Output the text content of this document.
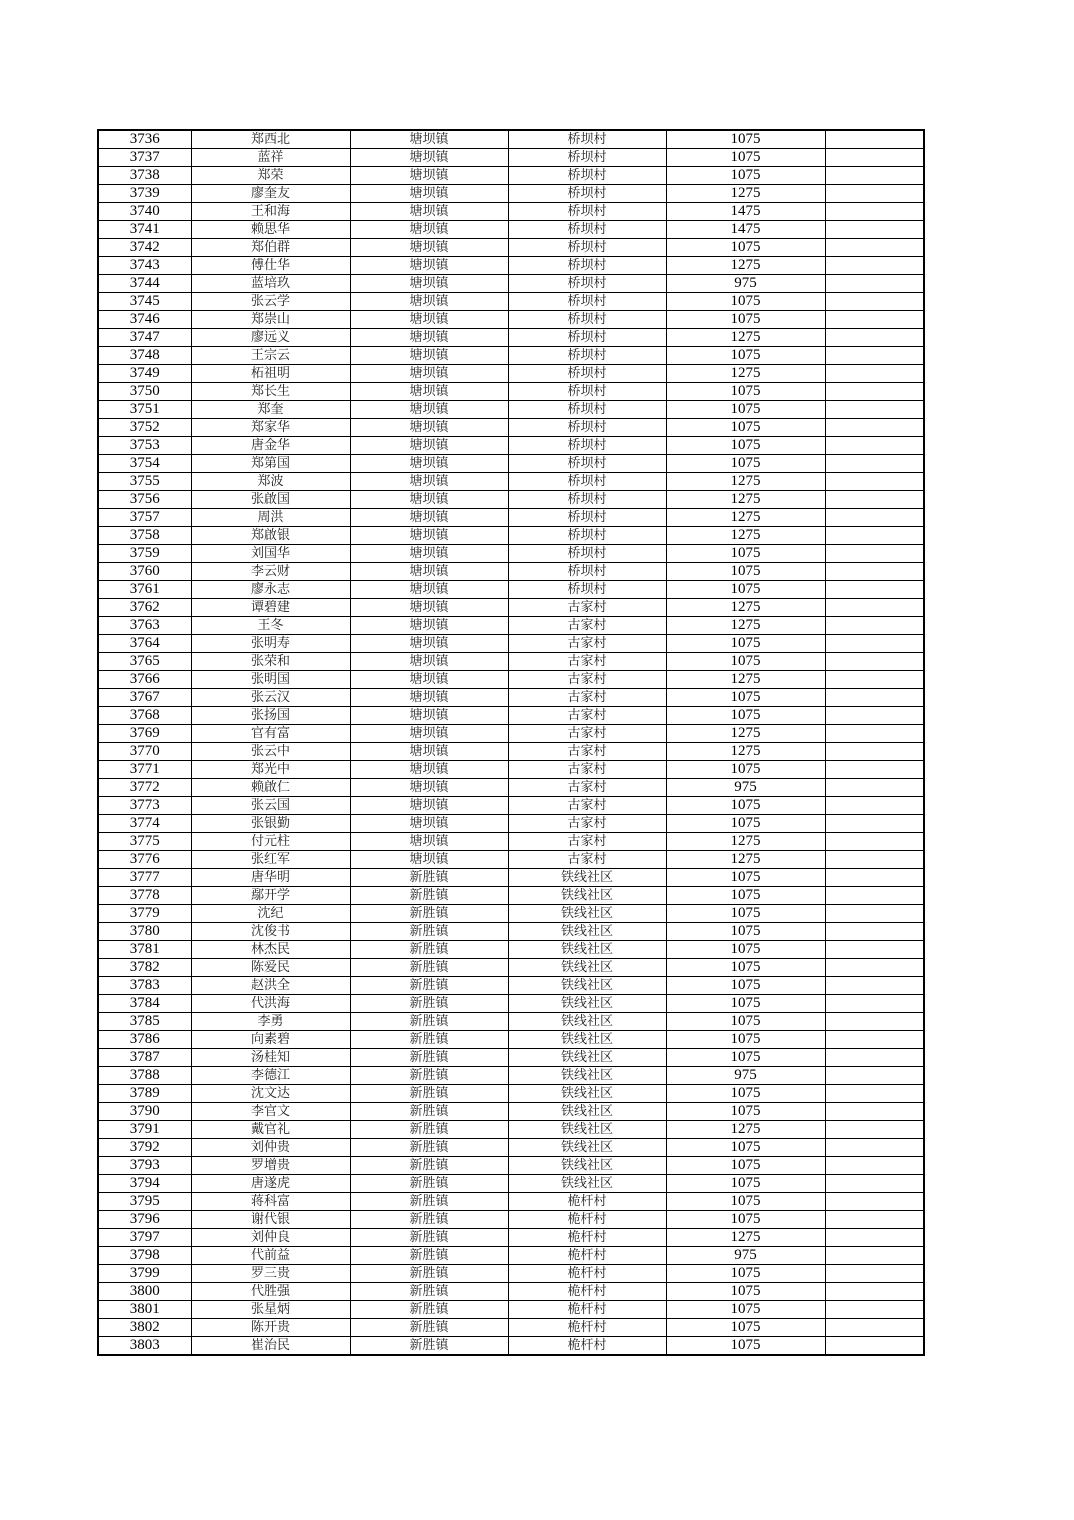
3736	郑西北	塘坝镇	桥坝村	1075	
3737	蓝祥	塘坝镇	桥坝村	1075	
3738	郑荣	塘坝镇	桥坝村	1075	
3739	廖奎友	塘坝镇	桥坝村	1275	
3740	王和海	塘坝镇	桥坝村	1475	
3741	赖思华	塘坝镇	桥坝村	1475	
3742	郑伯群	塘坝镇	桥坝村	1075	
3743	傅仕华	塘坝镇	桥坝村	1275	
3744	蓝培玖	塘坝镇	桥坝村	975	
3745	张云学	塘坝镇	桥坝村	1075	
3746	郑崇山	塘坝镇	桥坝村	1075	
3747	廖远义	塘坝镇	桥坝村	1275	
3748	王宗云	塘坝镇	桥坝村	1075	
3749	柘祖明	塘坝镇	桥坝村	1275	
3750	郑长生	塘坝镇	桥坝村	1075	
3751	郑奎	塘坝镇	桥坝村	1075	
3752	郑家华	塘坝镇	桥坝村	1075	
3753	唐金华	塘坝镇	桥坝村	1075	
3754	郑第国	塘坝镇	桥坝村	1075	
3755	郑波	塘坝镇	桥坝村	1275	
3756	张啟国	塘坝镇	桥坝村	1275	
3757	周洪	塘坝镇	桥坝村	1275	
3758	郑啟银	塘坝镇	桥坝村	1275	
3759	刘国华	塘坝镇	桥坝村	1075	
3760	李云财	塘坝镇	桥坝村	1075	
3761	廖永志	塘坝镇	桥坝村	1075	
3762	谭碧建	塘坝镇	古家村	1275	
3763	王冬	塘坝镇	古家村	1275	
3764	张明寿	塘坝镇	古家村	1075	
3765	张荣和	塘坝镇	古家村	1075	
3766	张明国	塘坝镇	古家村	1275	
3767	张云汉	塘坝镇	古家村	1075	
3768	张扬国	塘坝镇	古家村	1075	
3769	官有富	塘坝镇	古家村	1275	
3770	张云中	塘坝镇	古家村	1275	
3771	郑光中	塘坝镇	古家村	1075	
3772	赖啟仁	塘坝镇	古家村	975	
3773	张云国	塘坝镇	古家村	1075	
3774	张银勤	塘坝镇	古家村	1075	
3775	付元柱	塘坝镇	古家村	1275	
3776	张红军	塘坝镇	古家村	1275	
3777	唐华明	新胜镇	铁线社区	1075	
3778	鄢开学	新胜镇	铁线社区	1075	
3779	沈纪	新胜镇	铁线社区	1075	
3780	沈俊书	新胜镇	铁线社区	1075	
3781	林杰民	新胜镇	铁线社区	1075	
3782	陈爱民	新胜镇	铁线社区	1075	
3783	赵洪全	新胜镇	铁线社区	1075	
3784	代洪海	新胜镇	铁线社区	1075	
3785	李勇	新胜镇	铁线社区	1075	
3786	向素碧	新胜镇	铁线社区	1075	
3787	汤桂知	新胜镇	铁线社区	1075	
3788	李德江	新胜镇	铁线社区	975	
3789	沈文达	新胜镇	铁线社区	1075	
3790	李官文	新胜镇	铁线社区	1075	
3791	戴官礼	新胜镇	铁线社区	1275	
3792	刘仲贵	新胜镇	铁线社区	1075	
3793	罗增贵	新胜镇	铁线社区	1075	
3794	唐遂虎	新胜镇	铁线社区	1075	
3795	蒋科富	新胜镇	桅杆村	1075	
3796	谢代银	新胜镇	桅杆村	1075	
3797	刘仲良	新胜镇	桅杆村	1275	
3798	代前益	新胜镇	桅杆村	975	
3799	罗三贵	新胜镇	桅杆村	1075	
3800	代胜强	新胜镇	桅杆村	1075	
3801	张星炳	新胜镇	桅杆村	1075	
3802	陈开贵	新胜镇	桅杆村	1075	
3803	崔治民	新胜镇	桅杆村	1075	
